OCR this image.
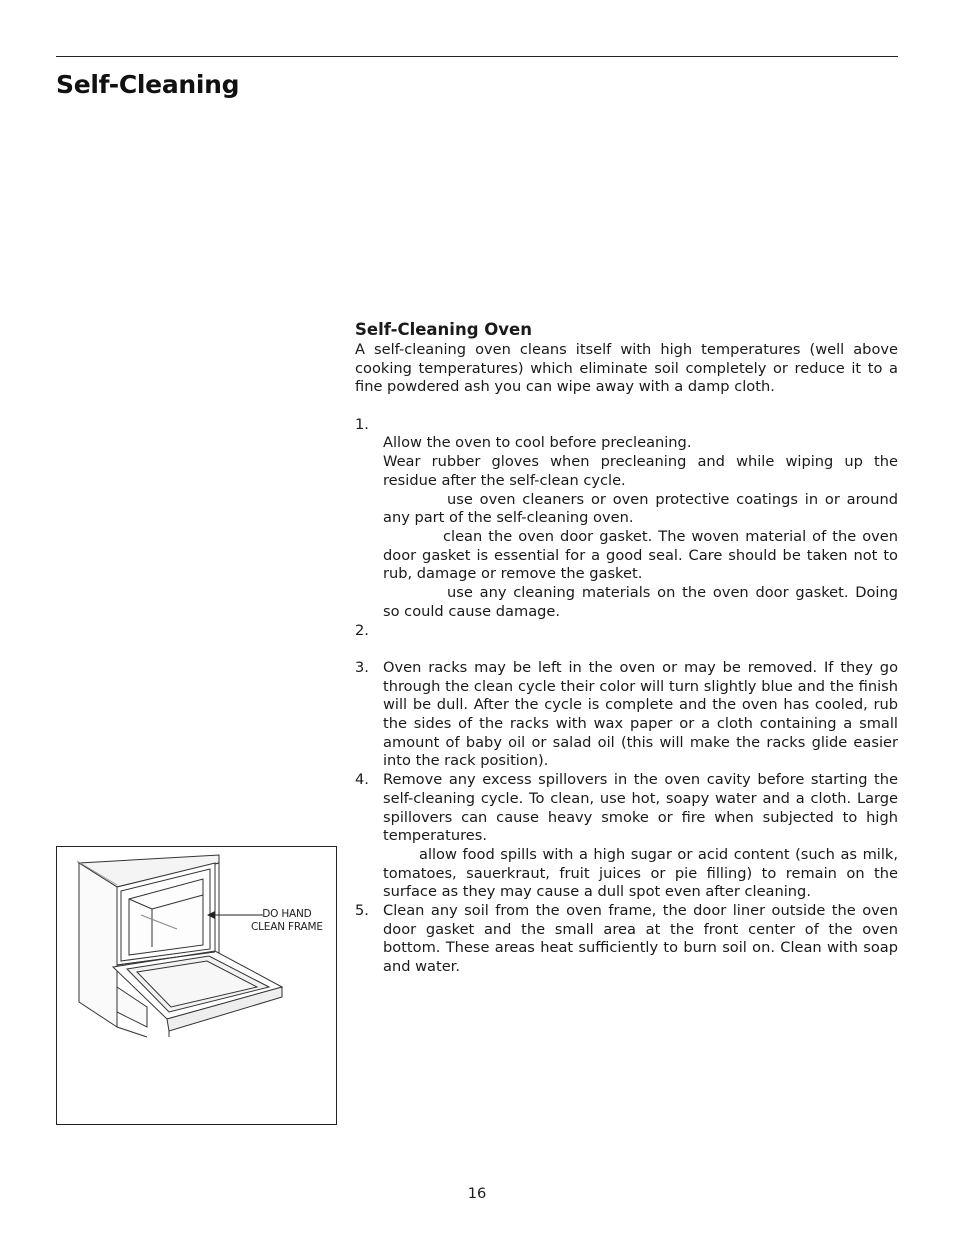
Self-Cleaning
Self-Cleaning Oven

A self-cleaning oven cleans itself with high temperatures (well above cooking temperatures) which eliminate soil completely or reduce it to a fine powdered ash you can wipe away with a damp cloth.

1.

Allow the oven to cool before precleaning.

Wear rubber gloves when precleaning and while wiping up the residue after the self-clean cycle.

use oven cleaners or oven protective coatings in or around any part of the self-cleaning oven.

clean the oven door gasket. The woven material of the oven door gasket is essential for a good seal. Care should be taken not to rub, damage or remove the gasket.

use any cleaning materials on the oven door gasket. Doing so could cause damage.

2.
3. Oven racks may be left in the oven or may be removed. If they go through the clean cycle their color will turn slightly blue and the finish will be dull. After the cycle is complete and the oven has cooled, rub the sides of the racks with wax paper or a cloth containing a small amount of baby oil or salad oil (this will make the racks glide easier into the rack position).

4. Remove any excess spillovers in the oven cavity before starting the self-cleaning cycle. To clean, use hot, soapy water and a cloth. Large spillovers can cause heavy smoke or fire when subjected to high temperatures.

allow food spills with a high sugar or acid content (such as milk, tomatoes, sauerkraut, fruit juices or pie filling) to remain on the surface as they may cause a dull spot even after cleaning.

5. Clean any soil from the oven frame, the door liner outside the oven door gasket and the small area at the front center of the oven bottom. These areas heat sufficiently to burn soil on. Clean with soap and water.

DO HAND
CLEAN FRAME
16
